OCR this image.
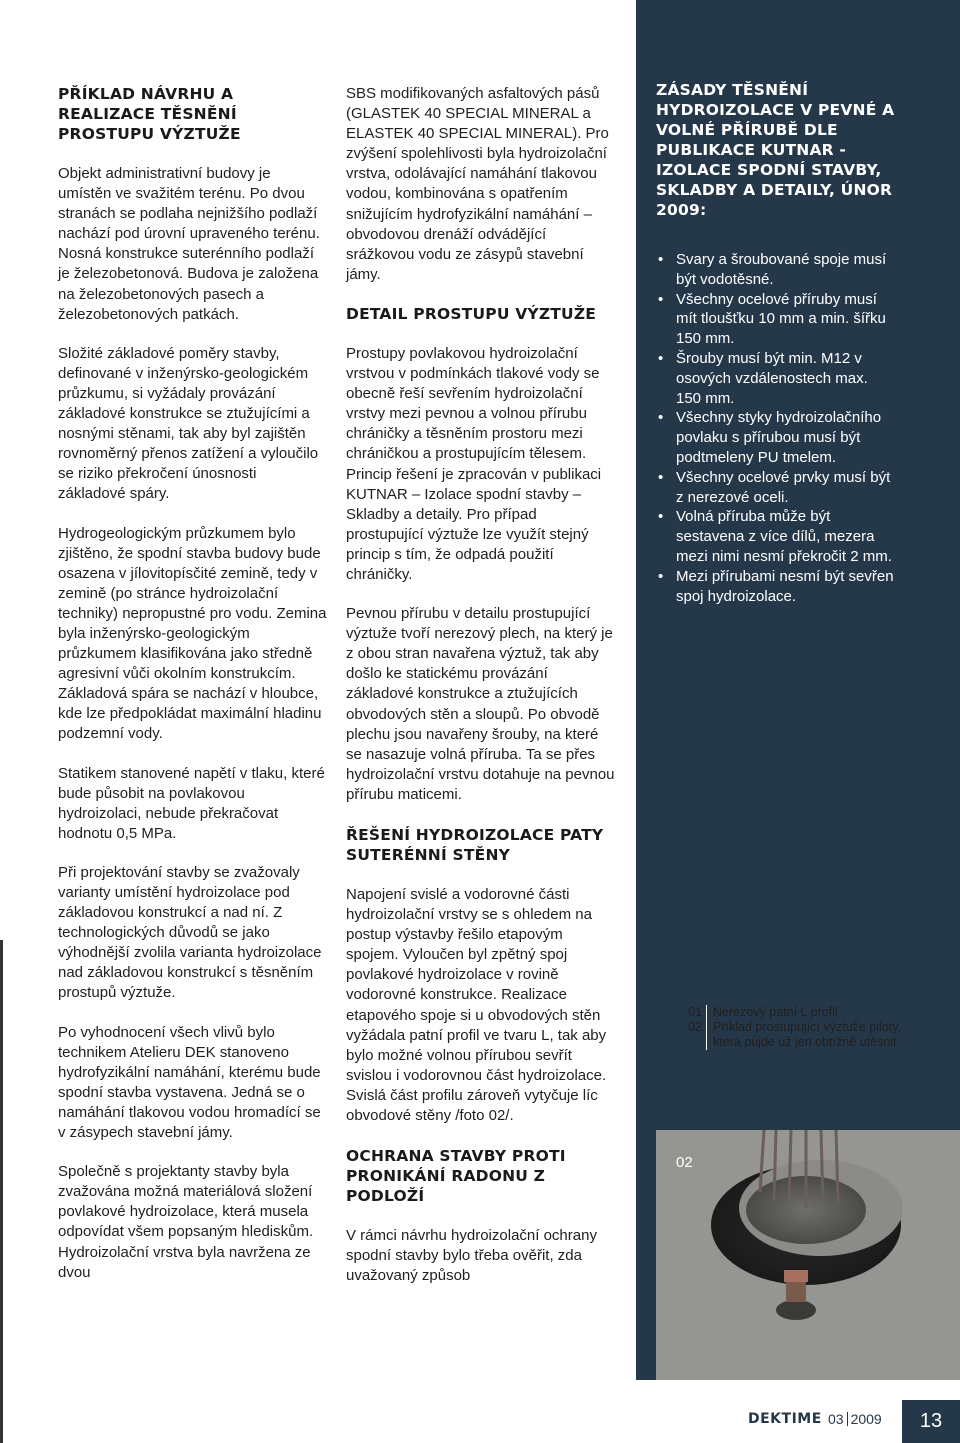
PŘÍKLAD NÁVRHU A REALIZACE TĚSNĚNÍ PROSTUPU VÝZTUŽE

Objekt administrativní budovy je umístěn ve svažitém terénu. Po dvou stranách se podlaha nejnižšího podlaží nachází pod úrovní upraveného terénu. Nosná konstrukce suterénního podlaží je železobetonová. Budova je založena na železobetonových pasech a železobetonových patkách.

Složité základové poměry stavby, definované v inženýrsko-geologickém průzkumu, si vyžádaly provázání základové konstrukce se ztužujícími a nosnými stěnami, tak aby byl zajištěn rovnoměrný přenos zatížení a vyloučilo se riziko překročení únosnosti základové spáry.

Hydrogeologickým průzkumem bylo zjištěno, že spodní stavba budovy bude osazena v jílovitopísčité zemině, tedy v zemině (po stránce hydroizolační techniky) nepropustné pro vodu. Zemina byla inženýrsko-geologickým průzkumem klasifikována jako středně agresivní vůči okolním konstrukcím. Základová spára se nachází v hloubce, kde lze předpokládat maximální hladinu podzemní vody.

Statikem stanovené napětí v tlaku, které bude působit na povlakovou hydroizolaci, nebude překračovat hodnotu 0,5 MPa.

Při projektování stavby se zvažovaly varianty umístění hydroizolace pod základovou konstrukcí a nad ní. Z technologických důvodů se jako výhodnější zvolila varianta hydroizolace nad základovou konstrukcí s těsněním prostupů výztuže.

Po vyhodnocení všech vlivů bylo technikem Atelieru DEK stanoveno hydrofyzikální namáhání, kterému bude spodní stavba vystavena. Jedná se o namáhání tlakovou vodou hromadící se v zásypech stavební jámy.

Společně s projektanty stavby byla zvažována možná materiálová složení povlakové hydroizolace, která musela odpovídat všem popsaným hlediskům. Hydroizolační vrstva byla navržena ze dvou

SBS modifikovaných asfaltových pásů (GLASTEK 40 SPECIAL MINERAL a ELASTEK 40 SPECIAL MINERAL). Pro zvýšení spolehlivosti byla hydroizolační vrstva, odolávající namáhání tlakovou vodou, kombinována s opatřením snižujícím hydrofyzikální namáhání – obvodovou drenáží odvádějící srážkovou vodu ze zásypů stavební jámy.

DETAIL PROSTUPU VÝZTUŽE

Prostupy povlakovou hydroizolační vrstvou v podmínkách tlakové vody se obecně řeší sevřením hydroizolační vrstvy mezi pevnou a volnou přírubu chráničky a těsněním prostoru mezi chráničkou a prostupujícím tělesem. Princip řešení je zpracován v publikaci KUTNAR – Izolace spodní stavby – Skladby a detaily. Pro případ prostupující výztuže lze využít stejný princip s tím, že odpadá použití chráničky.

Pevnou přírubu v detailu prostupující výztuže tvoří nerezový plech, na který je z obou stran navařena výztuž, tak aby došlo ke statickému provázání základové konstrukce a ztužujících obvodových stěn a sloupů. Po obvodě plechu jsou navařeny šrouby, na které se nasazuje volná příruba. Ta se přes hydroizolační vrstvu dotahuje na pevnou přírubu maticemi.

ŘEŠENÍ HYDROIZOLACE PATY SUTERÉNNÍ STĚNY

Napojení svislé a vodorovné části hydroizolační vrstvy se s ohledem na postup výstavby řešilo etapovým spojem. Vyloučen byl zpětný spoj povlakové hydroizolace v rovině vodorovné konstrukce. Realizace etapového spoje si u obvodových stěn vyžádala patní profil ve tvaru L, tak aby bylo možné volnou přírubou sevřít svislou i vodorovnou část hydroizolace. Svislá část profilu zároveň vytyčuje líc obvodové stěny /foto 02/.

OCHRANA STAVBY PROTI PRONIKÁNÍ RADONU Z PODLOŽÍ

V rámci návrhu hydroizolační ochrany spodní stavby bylo třeba ověřit, zda uvažovaný způsob

ZÁSADY TĚSNĚNÍ HYDROIZOLACE V PEVNÉ A VOLNÉ PŘÍRUBĚ DLE PUBLIKACE KUTNAR - IZOLACE SPODNÍ STAVBY, SKLADBY A DETAILY, ÚNOR 2009:
• Svary a šroubované spoje musí být vodotěsné.
• Všechny ocelové příruby musí mít tloušťku 10 mm a min. šířku 150 mm.
• Šrouby musí být min. M12 v osových vzdálenostech max. 150 mm.
• Všechny styky hydroizolačního povlaku s přírubou musí být podtmeleny PU tmelem.
• Všechny ocelové prvky musí být z nerezové oceli.
• Volná příruba může být sestavena z více dílů, mezera mezi nimi nesmí překročit 2 mm.
• Mezi přírubami nesmí být sevřen spoj hydroizolace.
01 Nerezový patní L profil
02 Příklad prostupující výztuže piloty, která půjde už jen obtížně utěsnit
02
DEKTIME 03 2009	13
